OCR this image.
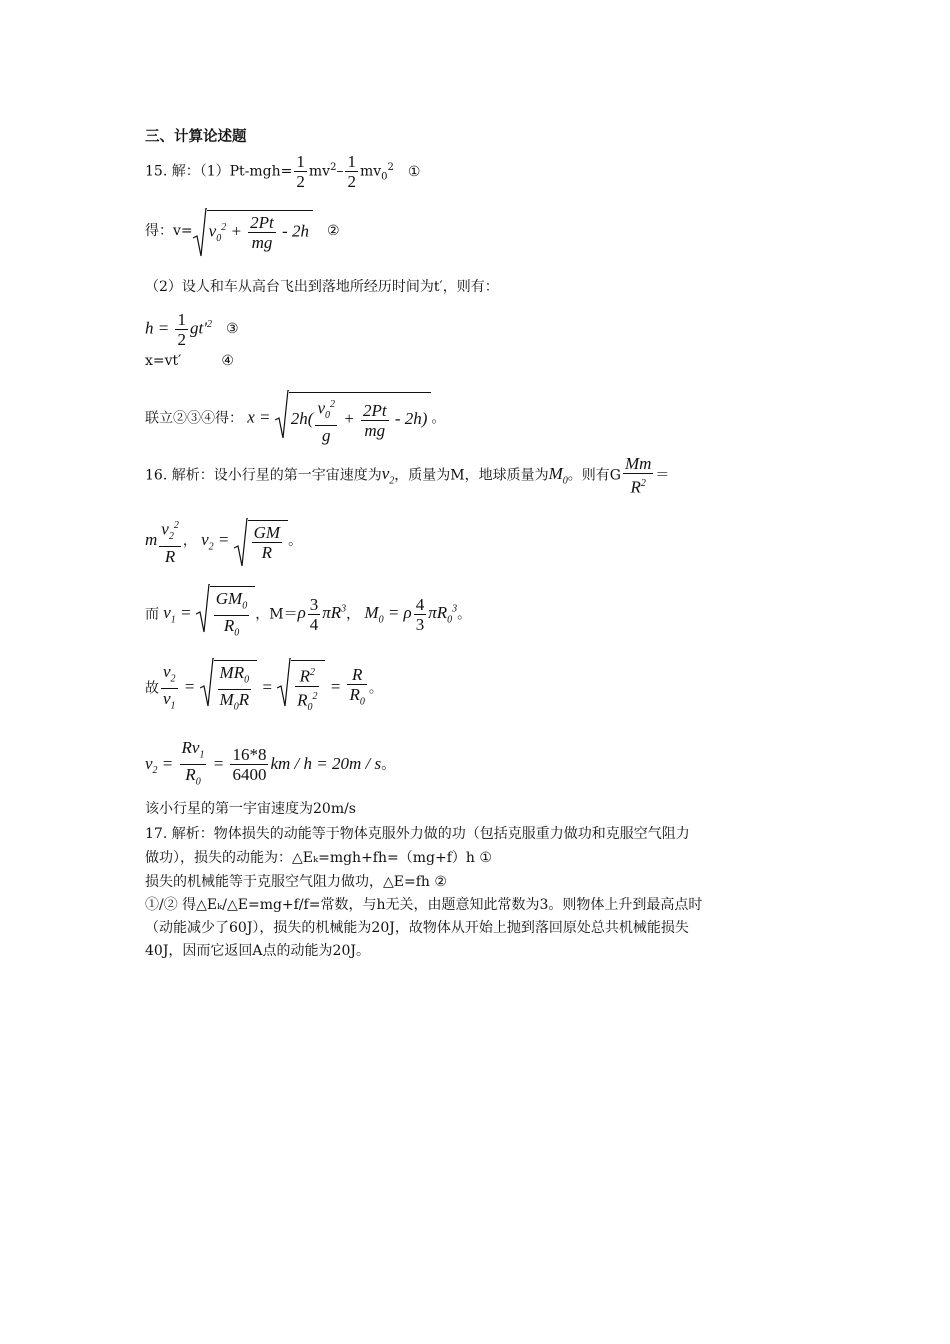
三、计算论述题
15. 解：$(1)Pt-mgh= \frac{1}{2} mv^2- \frac{1}{2} mv_0^2$ ①
得：$v= v_0^2 + \frac{2Pt}{mg} - 2h$ ②
（2）设人和车从高台飞出到落地所经历时间为t′，则有：
$h = \frac{1}{2} gt'^2$ ③
x=vt′	④
联立②③④得： x =
$2h( \frac{v_0^2}{g} + \frac{2Pt}{mg} - 2h)$ 。
16. 解析：设小行星的第一宇宙速度为$v_2$，质量为M，地球质量为$M_0$。则有G $\frac{Mm}{R^2}$ ＝
m $\frac{v_2^2}{R}$ ， $v_2 = \frac{GM}{R}$ 。
而 $v_1 = \frac{GM_0}{R_0}$ ，$M=\rho \frac{3}{4} \pi R^3$， $M_0 = \rho \frac{4}{3} \pi R_0^3$。
故 $\frac{v_2}{v_1} = \frac{MR_0}{M_0R} = \frac{R^2}{R_0^2} = \frac{R}{R_0}$ 。
$v_2 = \frac{Rv_1}{R_0} = \frac{16*8}{6400}$ km / h = 20m / s。
该小行星的第一宇宙速度为20m/s
17. 解析：物体损失的动能等于物体克服外力做的功（包括克服重力做功和克服空气阻力
做功），损失的动能为：△Eₖ=mgh+fh=（mg+f）h ①
损失的机械能等于克服空气阻力做功，△E=fh ②
①/② 得△Eₖ/△E=mg+f/f=常数，与h无关，由题意知此常数为3。则物体上升到最高点时
（动能减少了60J），损失的机械能为20J，故物体从开始上抛到落回原处总共机械能损失
40J，因而它返回A点的动能为20J。
